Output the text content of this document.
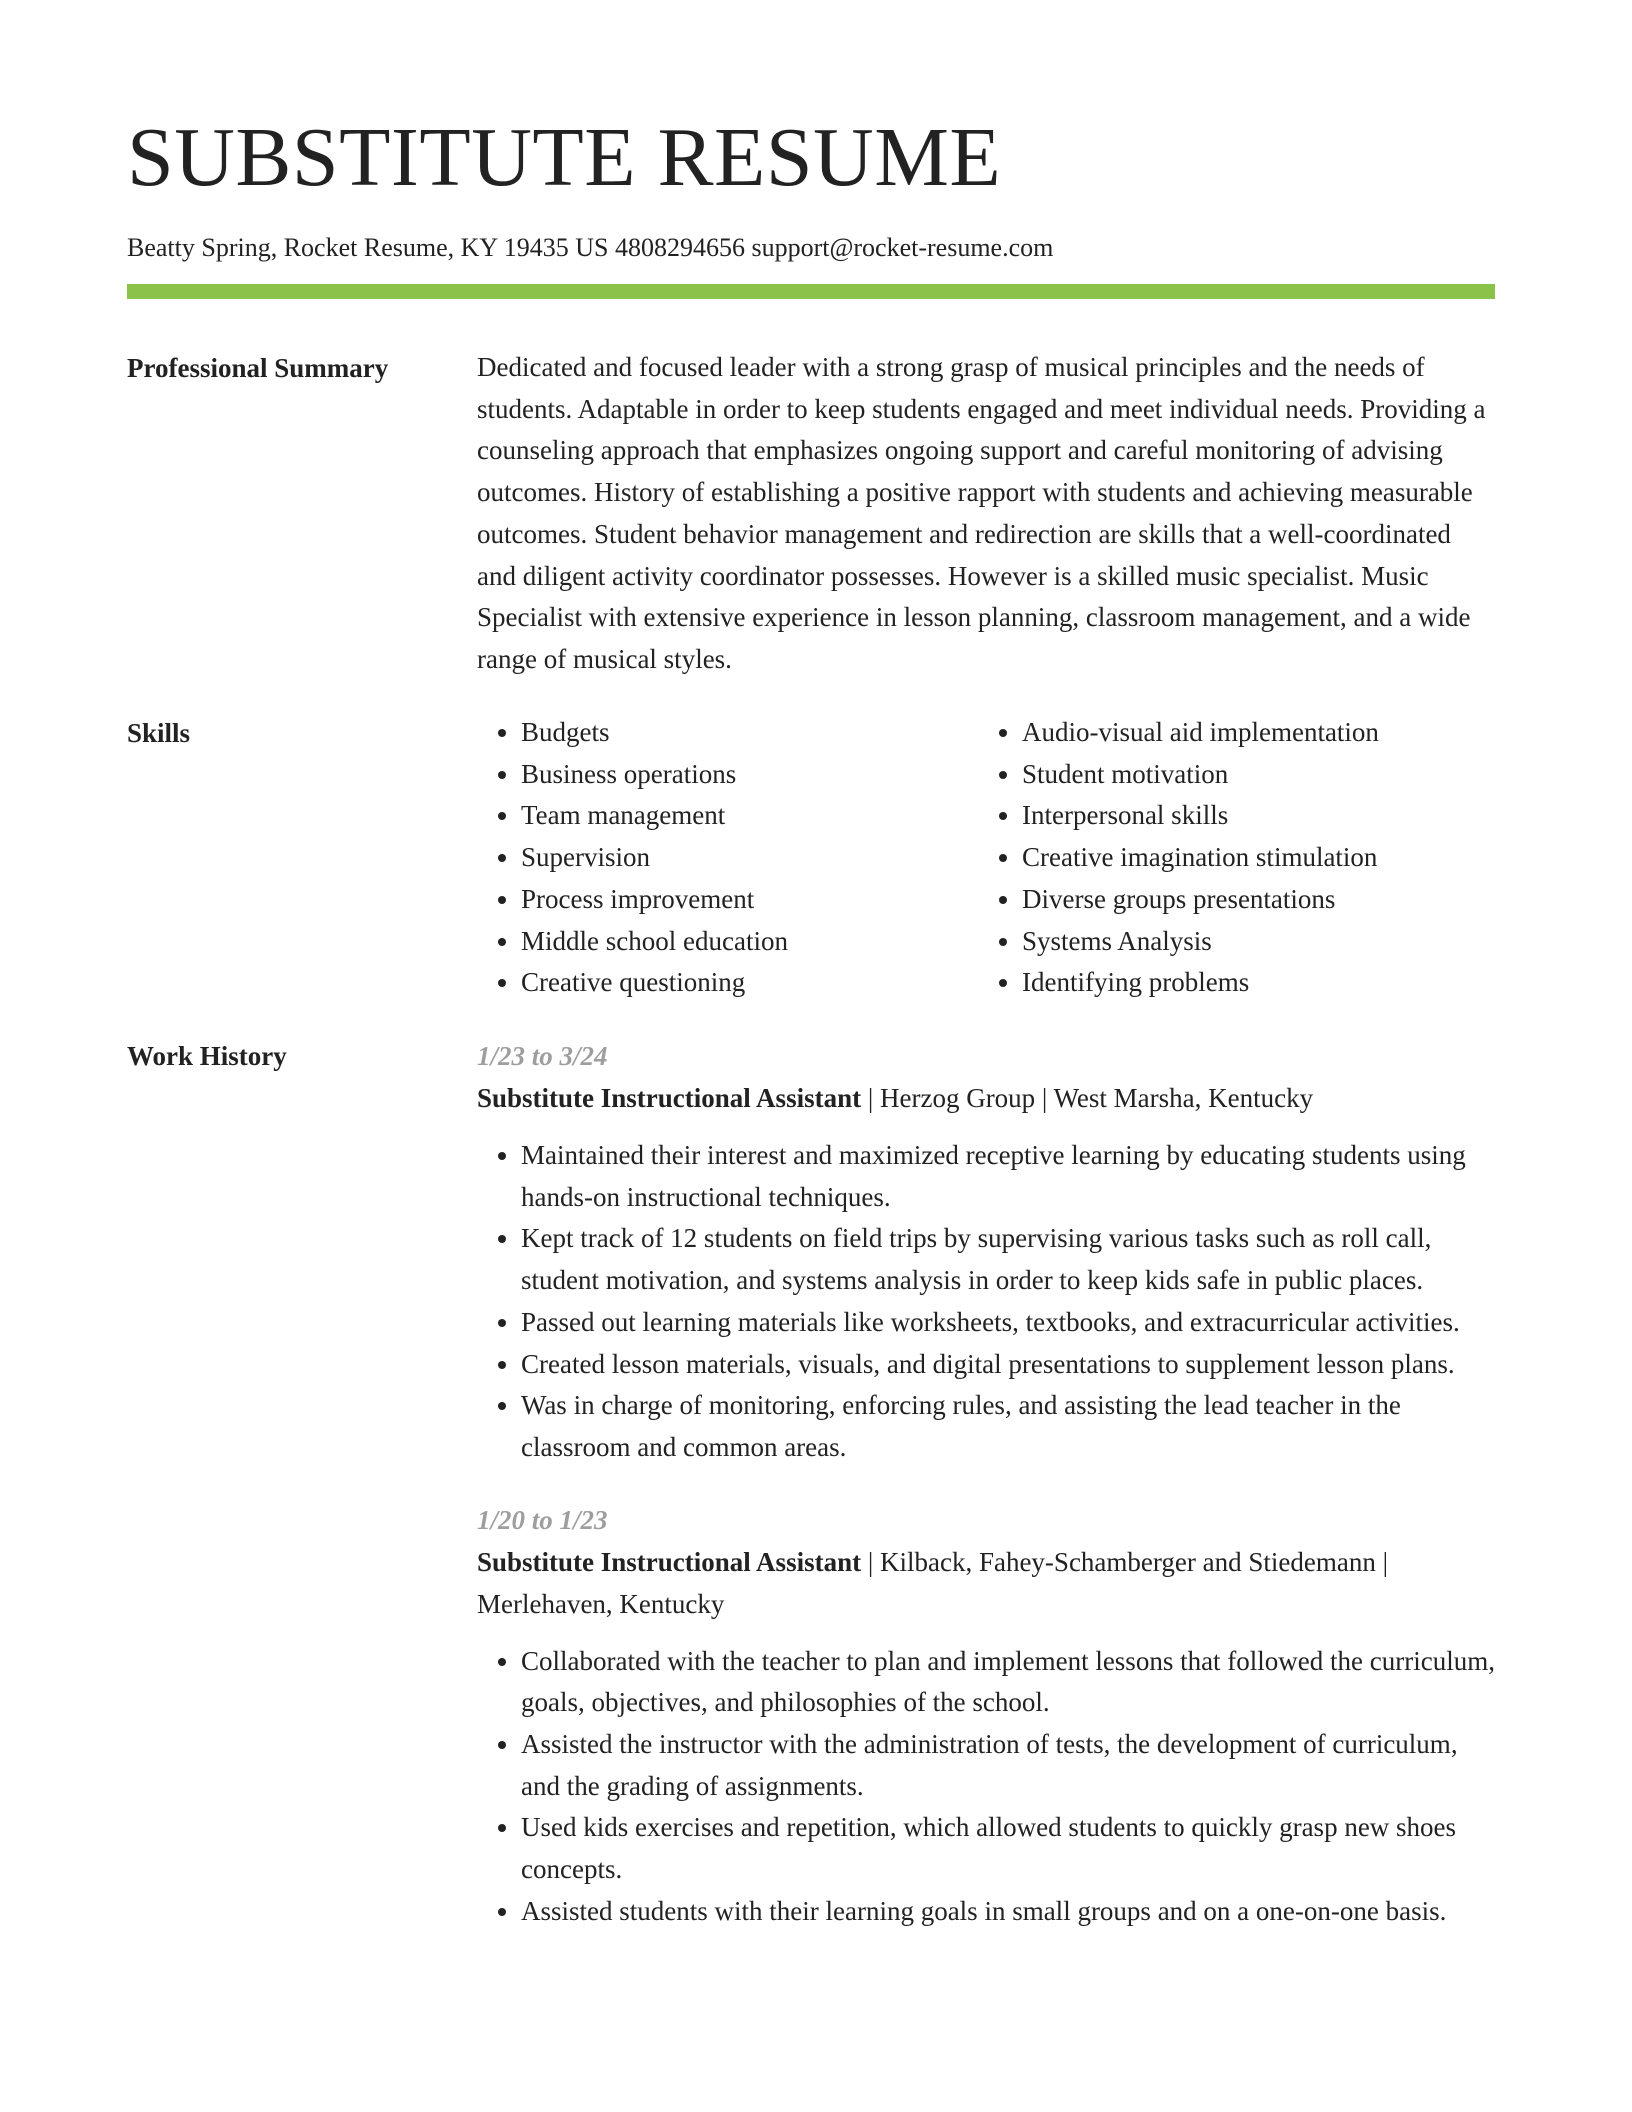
SUBSTITUTE RESUME
Beatty Spring, Rocket Resume, KY 19435 US 4808294656 support@rocket-resume.com
Professional Summary	Dedicated and focused leader with a strong grasp of musical principles and the needs of students. Adaptable in order to keep students engaged and meet individual needs. Providing a counseling approach that emphasizes ongoing support and careful monitoring of advising outcomes. History of establishing a positive rapport with students and achieving measurable outcomes. Student behavior management and redirection are skills that a well-coordinated and diligent activity coordinator possesses. However is a skilled music specialist. Music Specialist with extensive experience in lesson planning, classroom management, and a wide range of musical styles.

Skills
•	Budgets
• Business operations
• Team management
• Supervision
• Process improvement
• Middle school education
• Creative questioning
• Audio-visual aid implementation
• Student motivation
• Interpersonal skills
• Creative imagination stimulation
• Diverse groups presentations
• Systems Analysis
• Identifying problems
Work History	1/23 to 3/24
Substitute Instructional Assistant | Herzog Group | West Marsha, Kentucky
• Maintained their interest and maximized receptive learning by educating students using hands-on instructional techniques.
• Kept track of 12 students on field trips by supervising various tasks such as roll call, student motivation, and systems analysis in order to keep kids safe in public places.
• Passed out learning materials like worksheets, textbooks, and extracurricular activities.
• Created lesson materials, visuals, and digital presentations to supplement lesson plans.
• Was in charge of monitoring, enforcing rules, and assisting the lead teacher in the classroom and common areas.
1/20 to 1/23
Substitute Instructional Assistant | Kilback, Fahey-Schamberger and Stiedemann | Merlehaven, Kentucky
• Collaborated with the teacher to plan and implement lessons that followed the curriculum, goals, objectives, and philosophies of the school.
• Assisted the instructor with the administration of tests, the development of curriculum, and the grading of assignments.
• Used kids exercises and repetition, which allowed students to quickly grasp new shoes concepts.
• Assisted students with their learning goals in small groups and on a one-on-one basis.
